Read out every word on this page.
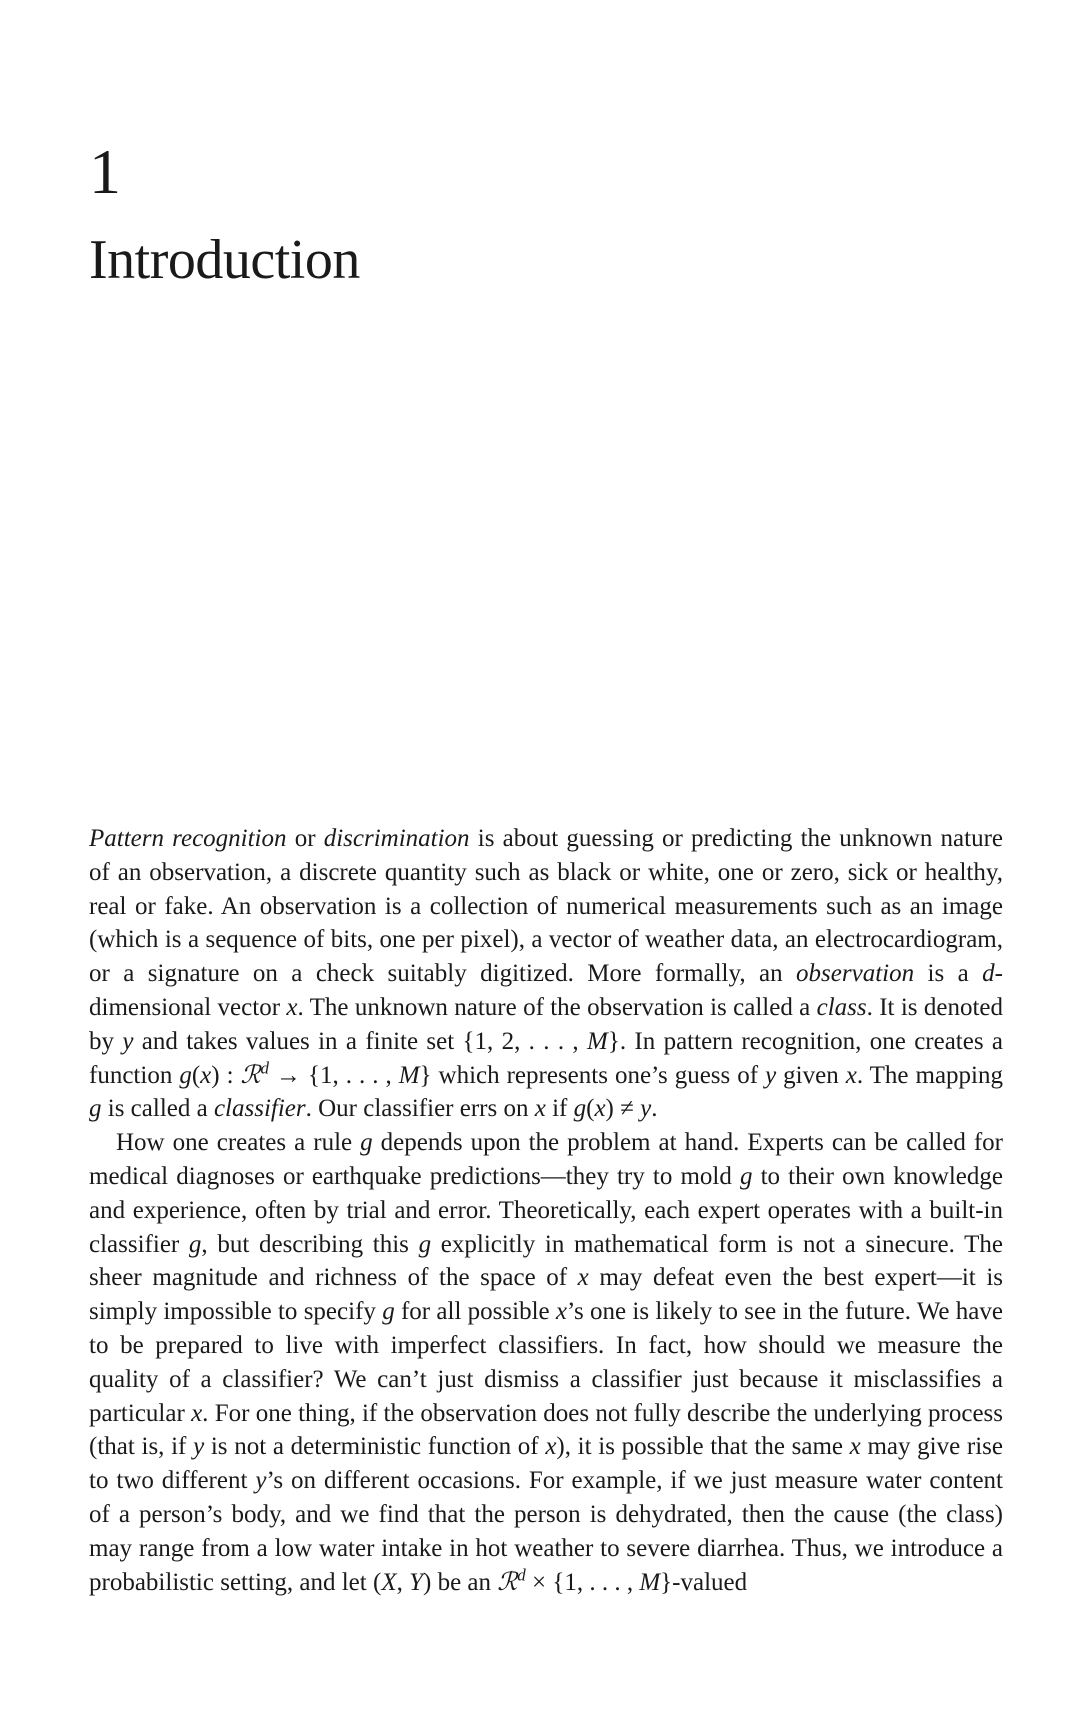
1
Introduction

Pattern recognition or discrimination is about guessing or predicting the unknown nature of an observation, a discrete quantity such as black or white, one or zero, sick or healthy, real or fake. An observation is a collection of numerical measurements such as an image (which is a sequence of bits, one per pixel), a vector of weather data, an electrocardiogram, or a signature on a check suitably digitized. More formally, an observation is a d-dimensional vector x. The unknown nature of the observation is called a class. It is denoted by y and takes values in a finite set {1, 2, . . . , M}. In pattern recognition, one creates a function g(x) : ℛ$^d$ → {1, . . . , M} which represents one’s guess of y given x. The mapping g is called a classifier. Our classifier errs on x if g(x) ≠ y.

How one creates a rule g depends upon the problem at hand. Experts can be called for medical diagnoses or earthquake predictions—they try to mold g to their own knowledge and experience, often by trial and error. Theoretically, each expert operates with a built-in classifier g, but describing this g explicitly in mathematical form is not a sinecure. The sheer magnitude and richness of the space of x may defeat even the best expert—it is simply impossible to specify g for all possible x’s one is likely to see in the future. We have to be prepared to live with imperfect classifiers. In fact, how should we measure the quality of a classifier? We can’t just dismiss a classifier just because it misclassifies a particular x. For one thing, if the observation does not fully describe the underlying process (that is, if y is not a deterministic function of x), it is possible that the same x may give rise to two different y’s on different occasions. For example, if we just measure water content of a person’s body, and we find that the person is dehydrated, then the cause (the class) may range from a low water intake in hot weather to severe diarrhea. Thus, we introduce a probabilistic setting, and let (X, Y) be an ℛ$^d$ × {1, . . . , M}-valued
